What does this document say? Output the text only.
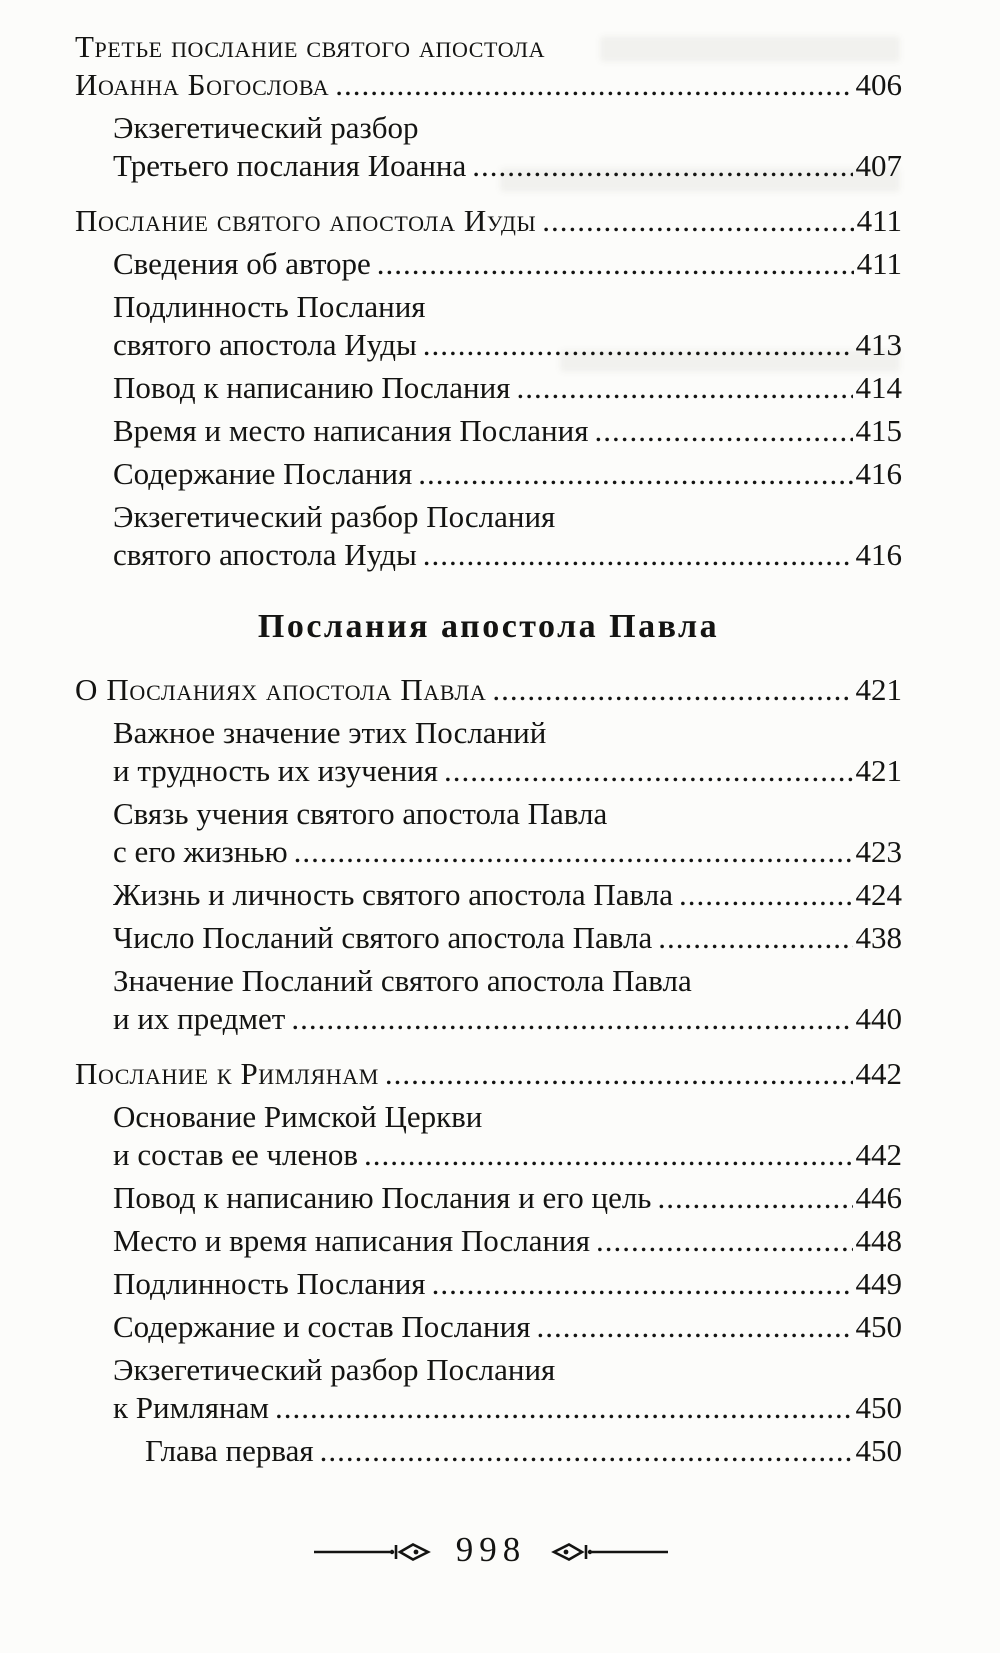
Третье послание святого апостола
Иоанна Богослова .....	406
Экзегетический разбор
Третьего послания Иоанна .....	407
Послание святого апостола Иуды .....	411
Сведения об авторе .....	411
Подлинность Послания
святого апостола Иуды .....	413
Повод к написанию Послания .....	414
Время и место написания Послания .....	415
Содержание Послания .....	416
Экзегетический разбор Послания
святого апостола Иуды .....	416
Послания апостола Павла
О Посланиях апостола Павла .....	421
Важное значение этих Посланий
и трудность их изучения .....	421
Связь учения святого апостола Павла
с его жизнью .....	423
Жизнь и личность святого апостола Павла .....	424
Число Посланий святого апостола Павла .....	438
Значение Посланий святого апостола Павла
и их предмет .....	440
Послание к Римлянам .....	442
Основание Римской Церкви
и состав ее членов .....	442
Повод к написанию Послания и его цель .....	446
Место и время написания Послания .....	448
Подлинность Послания .....	449
Содержание и состав Послания .....	450
Экзегетический разбор Послания
к Римлянам .....	450
Глава первая .....	450
998
